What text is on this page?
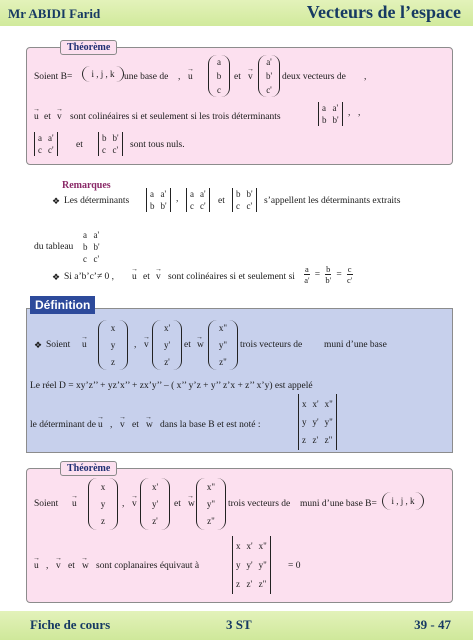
Mr ABIDI Farid	Vecteurs de l’espace
Théorème
Soient B=	i , j , k	une base de , → u
a
b
c
et → v
a'
b'
c'
deux vecteurs de ,
→ u et → v sont colinéaires si et seulement si les trois déterminants
a a'
b b'
, ,
a a'
c c' et
b b'
c c' sont tous nuls.
Remarques
❖ Les déterminants
a a'
b b'
, a a'
c c' et
b b'
c c' s’appellent les déterminants extraits
du tableau
a a'
b b'
c c'
❖ Si a’b’c’≠ 0 , → u et → v sont colinéaires si et seulement si $\frac{a}{a'} = \frac{b}{b'} = \frac{c}{c'}$
Définition
❖ Soient → u
x
y
z
, → v
x'
y'
z'
et → w
x"
y"
z"
trois vecteurs de muni d’une base
Le réel D = xy’z’’ + yz’x’’ + zx’y’’ – ( x’’ y’z + y’’ z’x + z’’ x’y) est appelé
le déterminant de → u , → v et → w dans la base B et est noté :
x x' x"
y y' y"
z z' z"
Théorème
Soient → u
x
y
z
, → v
x'
y'
z'
et → w
x"
y"
z"
trois vecteurs de muni d’une base B=	i , j , k
→ u , → v et → w sont coplanaires équivaut à
x x' x"
y y' y"
z z' z"
= 0
Fiche de cours	3 ST	39 - 47
